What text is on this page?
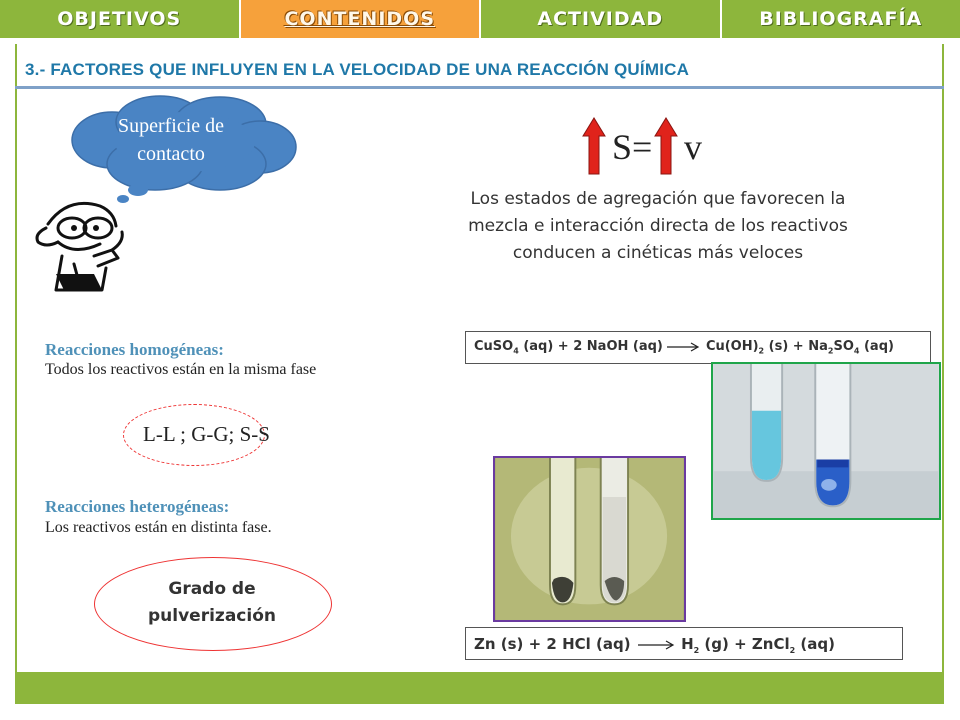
OBJETIVOS	CONTENIDOS	ACTIVIDAD	BIBLIOGRAFÍA
3.- FACTORES QUE INFLUYEN EN LA VELOCIDAD DE UNA REACCIÓN QUÍMICA
Superficie de
contacto	S= v
Los estados de agregación que favorecen la
mezcla e interacción directa de los reactivos
conducen a cinéticas más veloces
Reacciones homogéneas:
Todos los reactivos están en la misma fase
L-L ; G-G; S-S
Reacciones heterogéneas:
Los reactivos están en distinta fase.
Grado de
pulverización
CuSO$_4$ (aq) + 2 NaOH $(aq) \to Cu(OH)_2$ $(s) + Na_2SO_4$ (aq)
Zn (s) + 2 HCl $(aq) \to H_2$ (g) + ZnCl$_2$ (aq)
